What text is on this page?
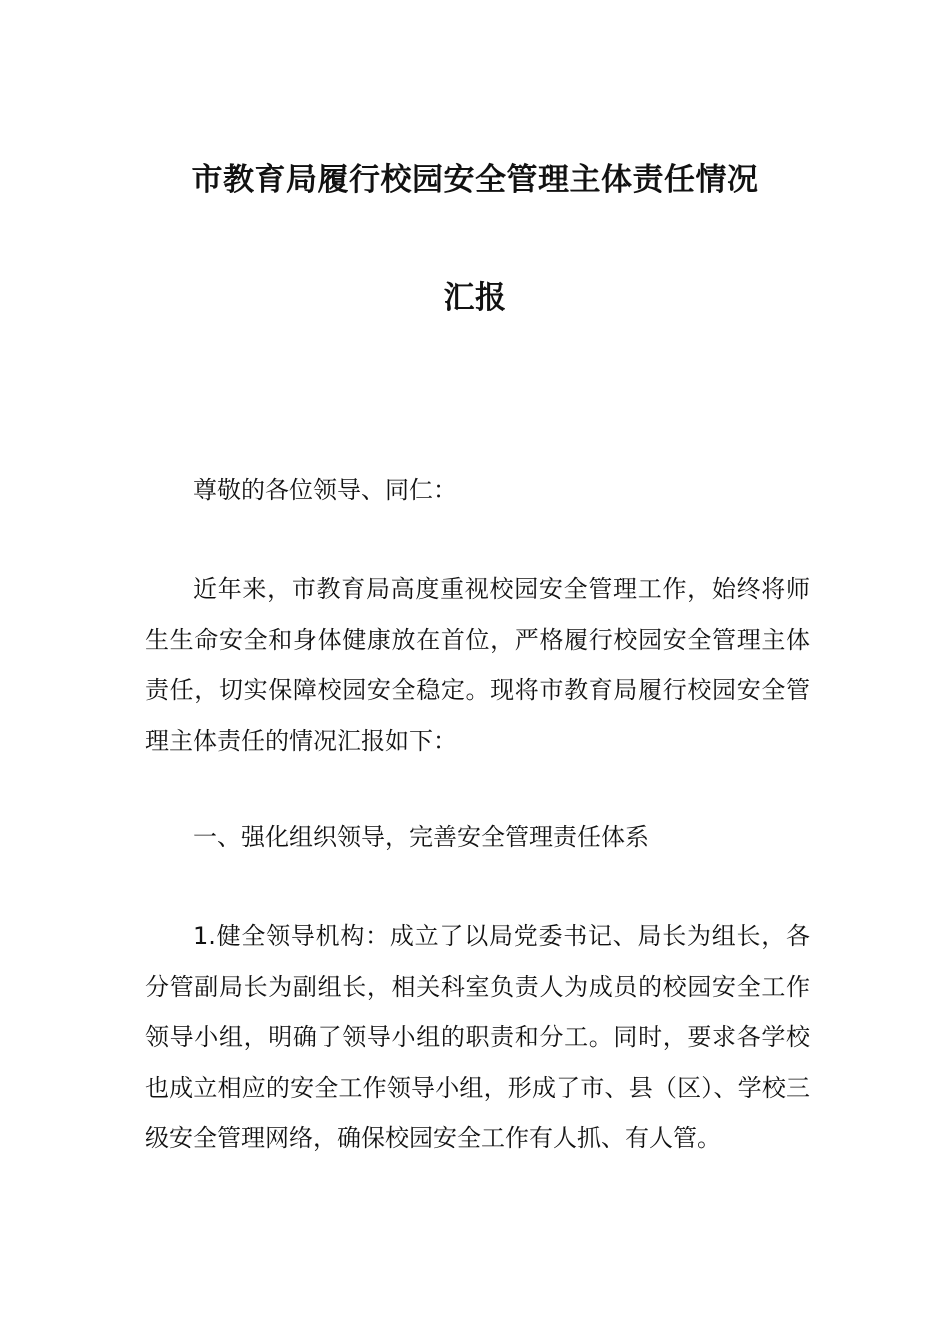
市教育局履行校园安全管理主体责任情况
汇报
尊敬的各位领导、同仁：
近年来，市教育局高度重视校园安全管理工作，始终将师生生命安全和身体健康放在首位，严格履行校园安全管理主体责任，切实保障校园安全稳定。现将市教育局履行校园安全管理主体责任的情况汇报如下：
一、强化组织领导，完善安全管理责任体系
1.健全领导机构：成立了以局党委书记、局长为组长，各分管副局长为副组长，相关科室负责人为成员的校园安全工作领导小组，明确了领导小组的职责和分工。同时，要求各学校也成立相应的安全工作领导小组，形成了市、县（区）、学校三级安全管理网络，确保校园安全工作有人抓、有人管。
